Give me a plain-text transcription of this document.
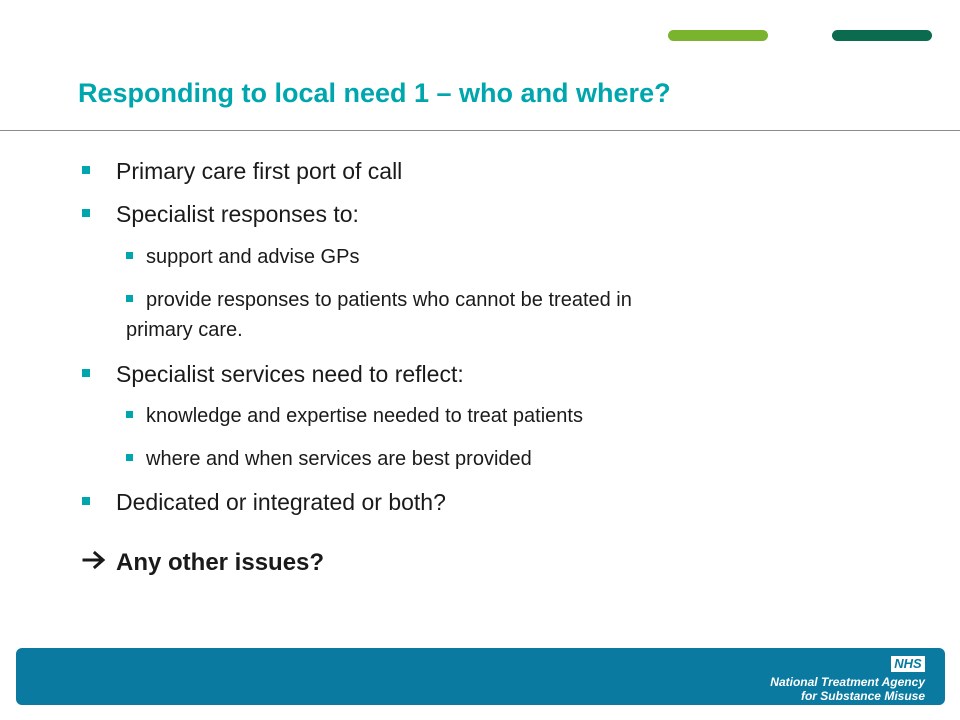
Responding to local need 1 – who and where?
Primary care first port of call
Specialist responses to:
support and advise GPs
provide responses to patients who cannot be treated in
primary care.
Specialist services need to reflect:
knowledge and expertise needed to treat patients
where and when services are best provided
Dedicated or integrated or both?
Any other issues?
NHS
National Treatment Agency
for Substance Misuse
